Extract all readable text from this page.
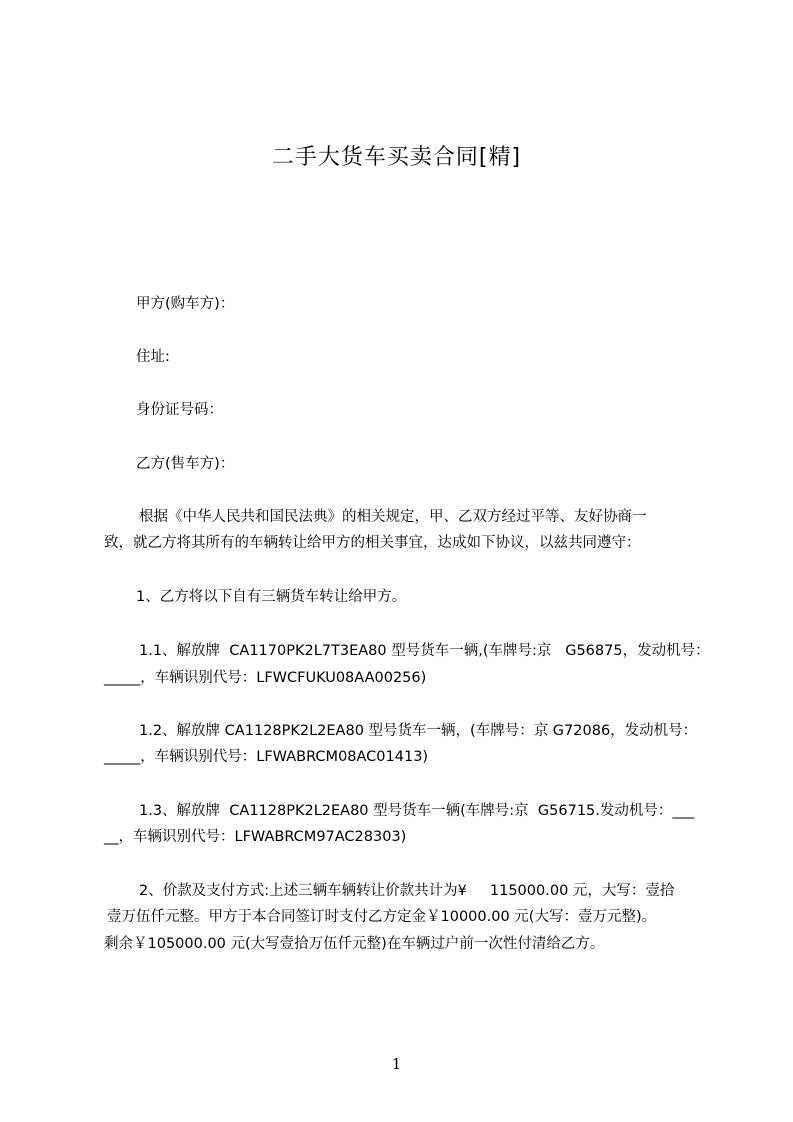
二手大货车买卖合同[精]
甲方(购车方)：
住址:
身份证号码：
乙方(售车方)：
根据《中华人民共和国民法典》的相关规定，甲、乙双方经过平等、友好协商一
致，就乙方将其所有的车辆转让给甲方的相关事宜，达成如下协议，以兹共同遵守：
1、乙方将以下自有三辆货车转让给甲方。
1.1、解放牌  CA1170PK2L7T3EA80 型号货车一辆,(车牌号:京   G56875，发动机号：
_____，车辆识别代号：LFWCFUKU08AA00256)
1.2、解放牌 CA1128PK2L2EA80 型号货车一辆，(车牌号：京 G72086，发动机号：
_____，车辆识别代号：LFWABRCM08AC01413)
1.3、解放牌  CA1128PK2L2EA80 型号货车一辆(车牌号:京  G56715.发动机号：___
__，车辆识别代号：LFWABRCM97AC28303)
2、价款及支付方式:上述三辆车辆转让价款共计为¥     115000.00 元，大写：壹拾
壹万伍仟元整。甲方于本合同签订时支付乙方定金￥10000.00 元(大写：壹万元整)。
剩余￥105000.00 元(大写壹拾万伍仟元整)在车辆过户前一次性付清给乙方。
1
